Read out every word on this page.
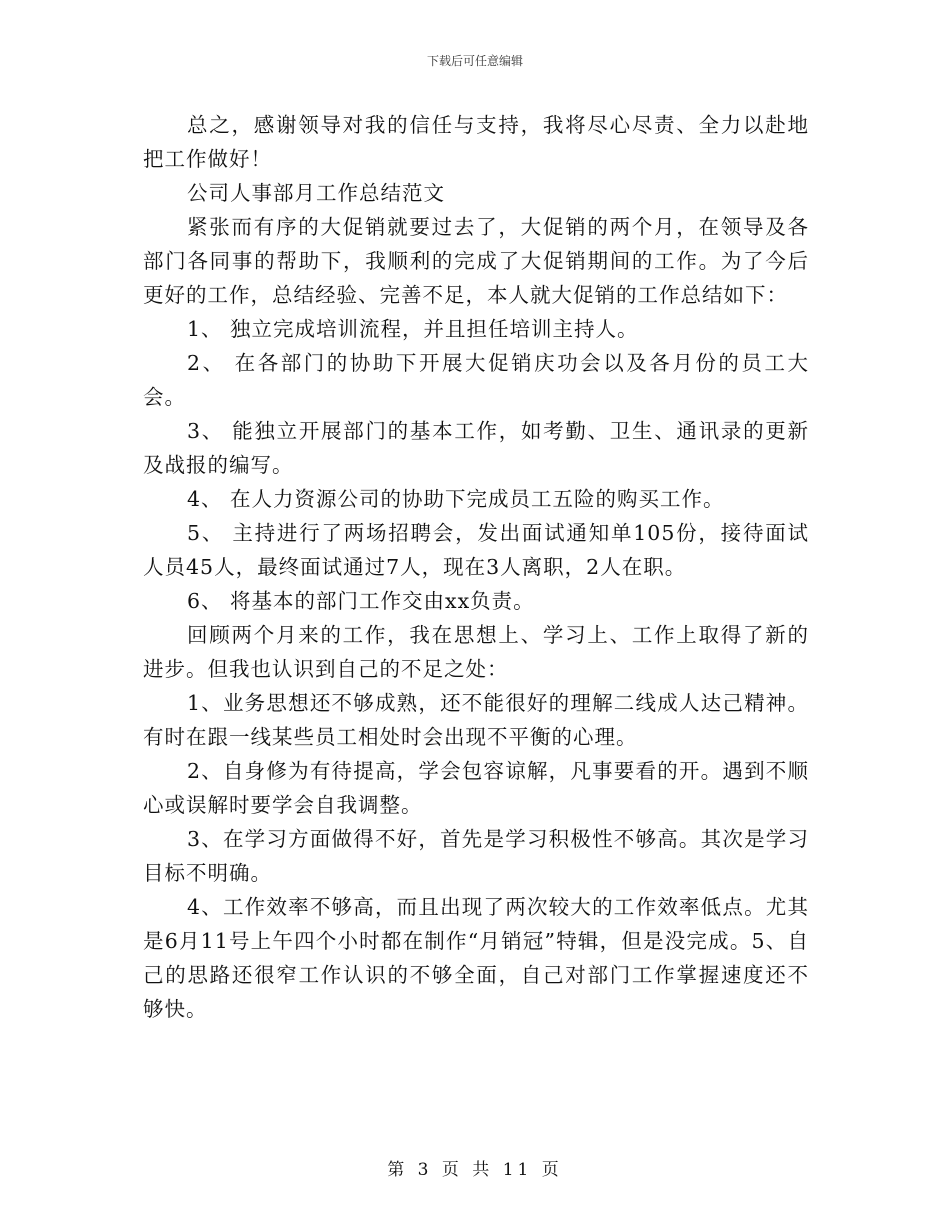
下载后可任意编辑

总之，感谢领导对我的信任与支持，我将尽心尽责、全力以赴地把工作做好！

公司人事部月工作总结范文

紧张而有序的大促销就要过去了，大促销的两个月，在领导及各部门各同事的帮助下，我顺利的完成了大促销期间的工作。为了今后更好的工作，总结经验、完善不足，本人就大促销的工作总结如下：

1、 独立完成培训流程，并且担任培训主持人。

2、 在各部门的协助下开展大促销庆功会以及各月份的员工大会。

3、 能独立开展部门的基本工作，如考勤、卫生、通讯录的更新及战报的编写。

4、 在人力资源公司的协助下完成员工五险的购买工作。

5、 主持进行了两场招聘会，发出面试通知单105份，接待面试人员45人，最终面试通过7人，现在3人离职，2人在职。

6、 将基本的部门工作交由xx负责。

回顾两个月来的工作，我在思想上、学习上、工作上取得了新的进步。但我也认识到自己的不足之处：

1、业务思想还不够成熟，还不能很好的理解二线成人达己精神。有时在跟一线某些员工相处时会出现不平衡的心理。

2、自身修为有待提高，学会包容谅解，凡事要看的开。遇到不顺心或误解时要学会自我调整。

3、在学习方面做得不好，首先是学习积极性不够高。其次是学习目标不明确。

4、工作效率不够高，而且出现了两次较大的工作效率低点。尤其是6月11号上午四个小时都在制作“月销冠”特辑，但是没完成。5、自己的思路还很窄工作认识的不够全面，自己对部门工作掌握速度还不够快。

第 3 页 共 11 页
